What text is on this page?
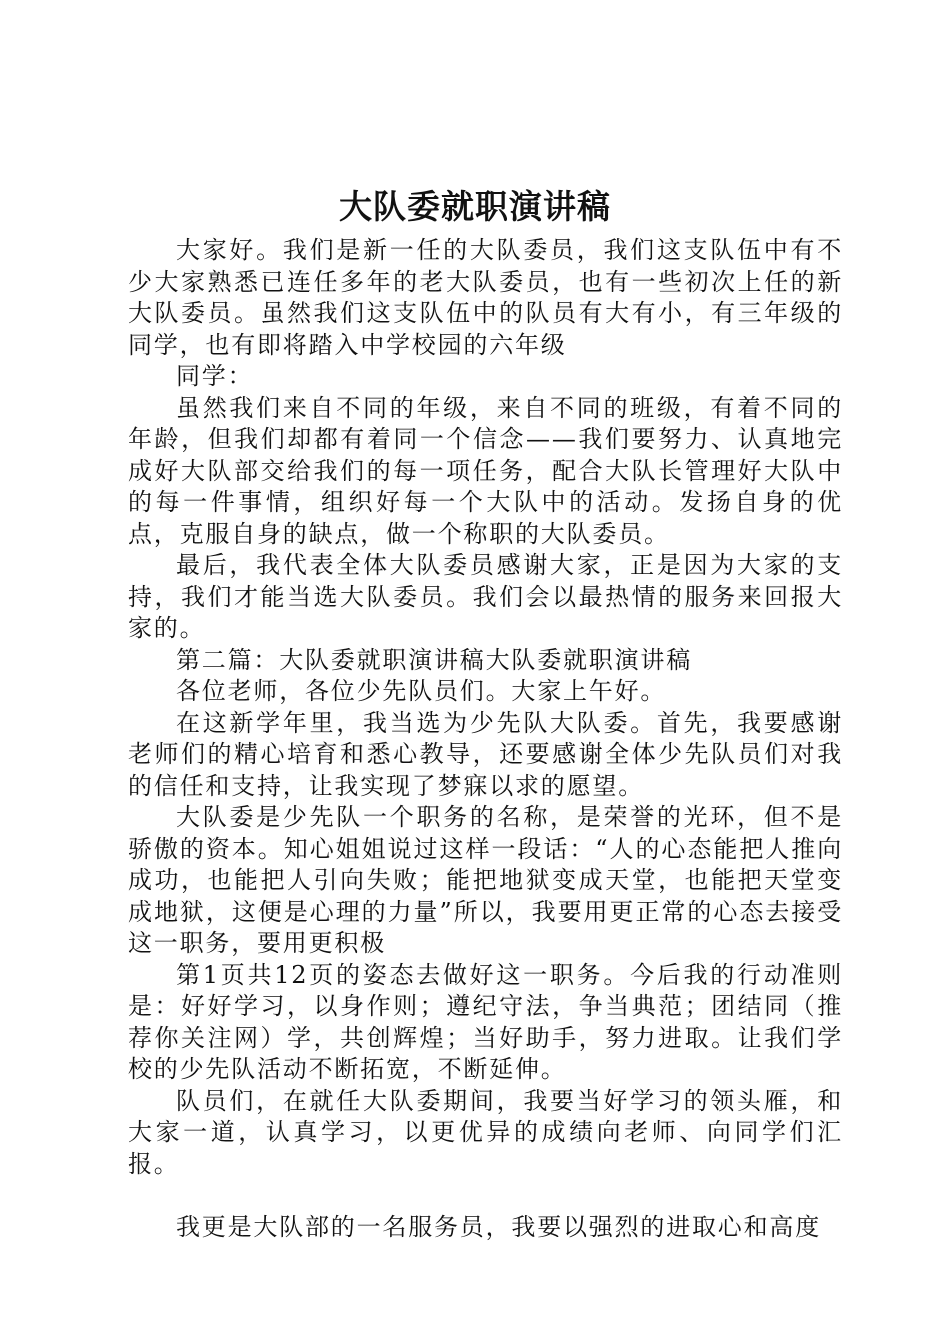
大队委就职演讲稿

大家好。我们是新一任的大队委员，我们这支队伍中有不少大家熟悉已连任多年的老大队委员，也有一些初次上任的新大队委员。虽然我们这支队伍中的队员有大有小，有三年级的同学，也有即将踏入中学校园的六年级

同学：

虽然我们来自不同的年级，来自不同的班级，有着不同的年龄，但我们却都有着同一个信念——我们要努力、认真地完成好大队部交给我们的每一项任务，配合大队长管理好大队中的每一件事情，组织好每一个大队中的活动。发扬自身的优点，克服自身的缺点，做一个称职的大队委员。

最后，我代表全体大队委员感谢大家，正是因为大家的支持，我们才能当选大队委员。我们会以最热情的服务来回报大家的。

第二篇：大队委就职演讲稿大队委就职演讲稿

各位老师，各位少先队员们。大家上午好。

在这新学年里，我当选为少先队大队委。首先，我要感谢老师们的精心培育和悉心教导，还要感谢全体少先队员们对我的信任和支持，让我实现了梦寐以求的愿望。

大队委是少先队一个职务的名称，是荣誉的光环，但不是骄傲的资本。知心姐姐说过这样一段话：“人的心态能把人推向成功，也能把人引向失败；能把地狱变成天堂，也能把天堂变成地狱，这便是心理的力量”所以，我要用更正常的心态去接受这一职务，要用更积极

第1页共12页的姿态去做好这一职务。今后我的行动准则是：好好学习，以身作则；遵纪守法，争当典范；团结同（推荐你关注网）学，共创辉煌；当好助手，努力进取。让我们学校的少先队活动不断拓宽，不断延伸。

队员们，在就任大队委期间，我要当好学习的领头雁，和大家一道，认真学习，以更优异的成绩向老师、向同学们汇报。

我更是大队部的一名服务员，我要以强烈的进取心和高度
